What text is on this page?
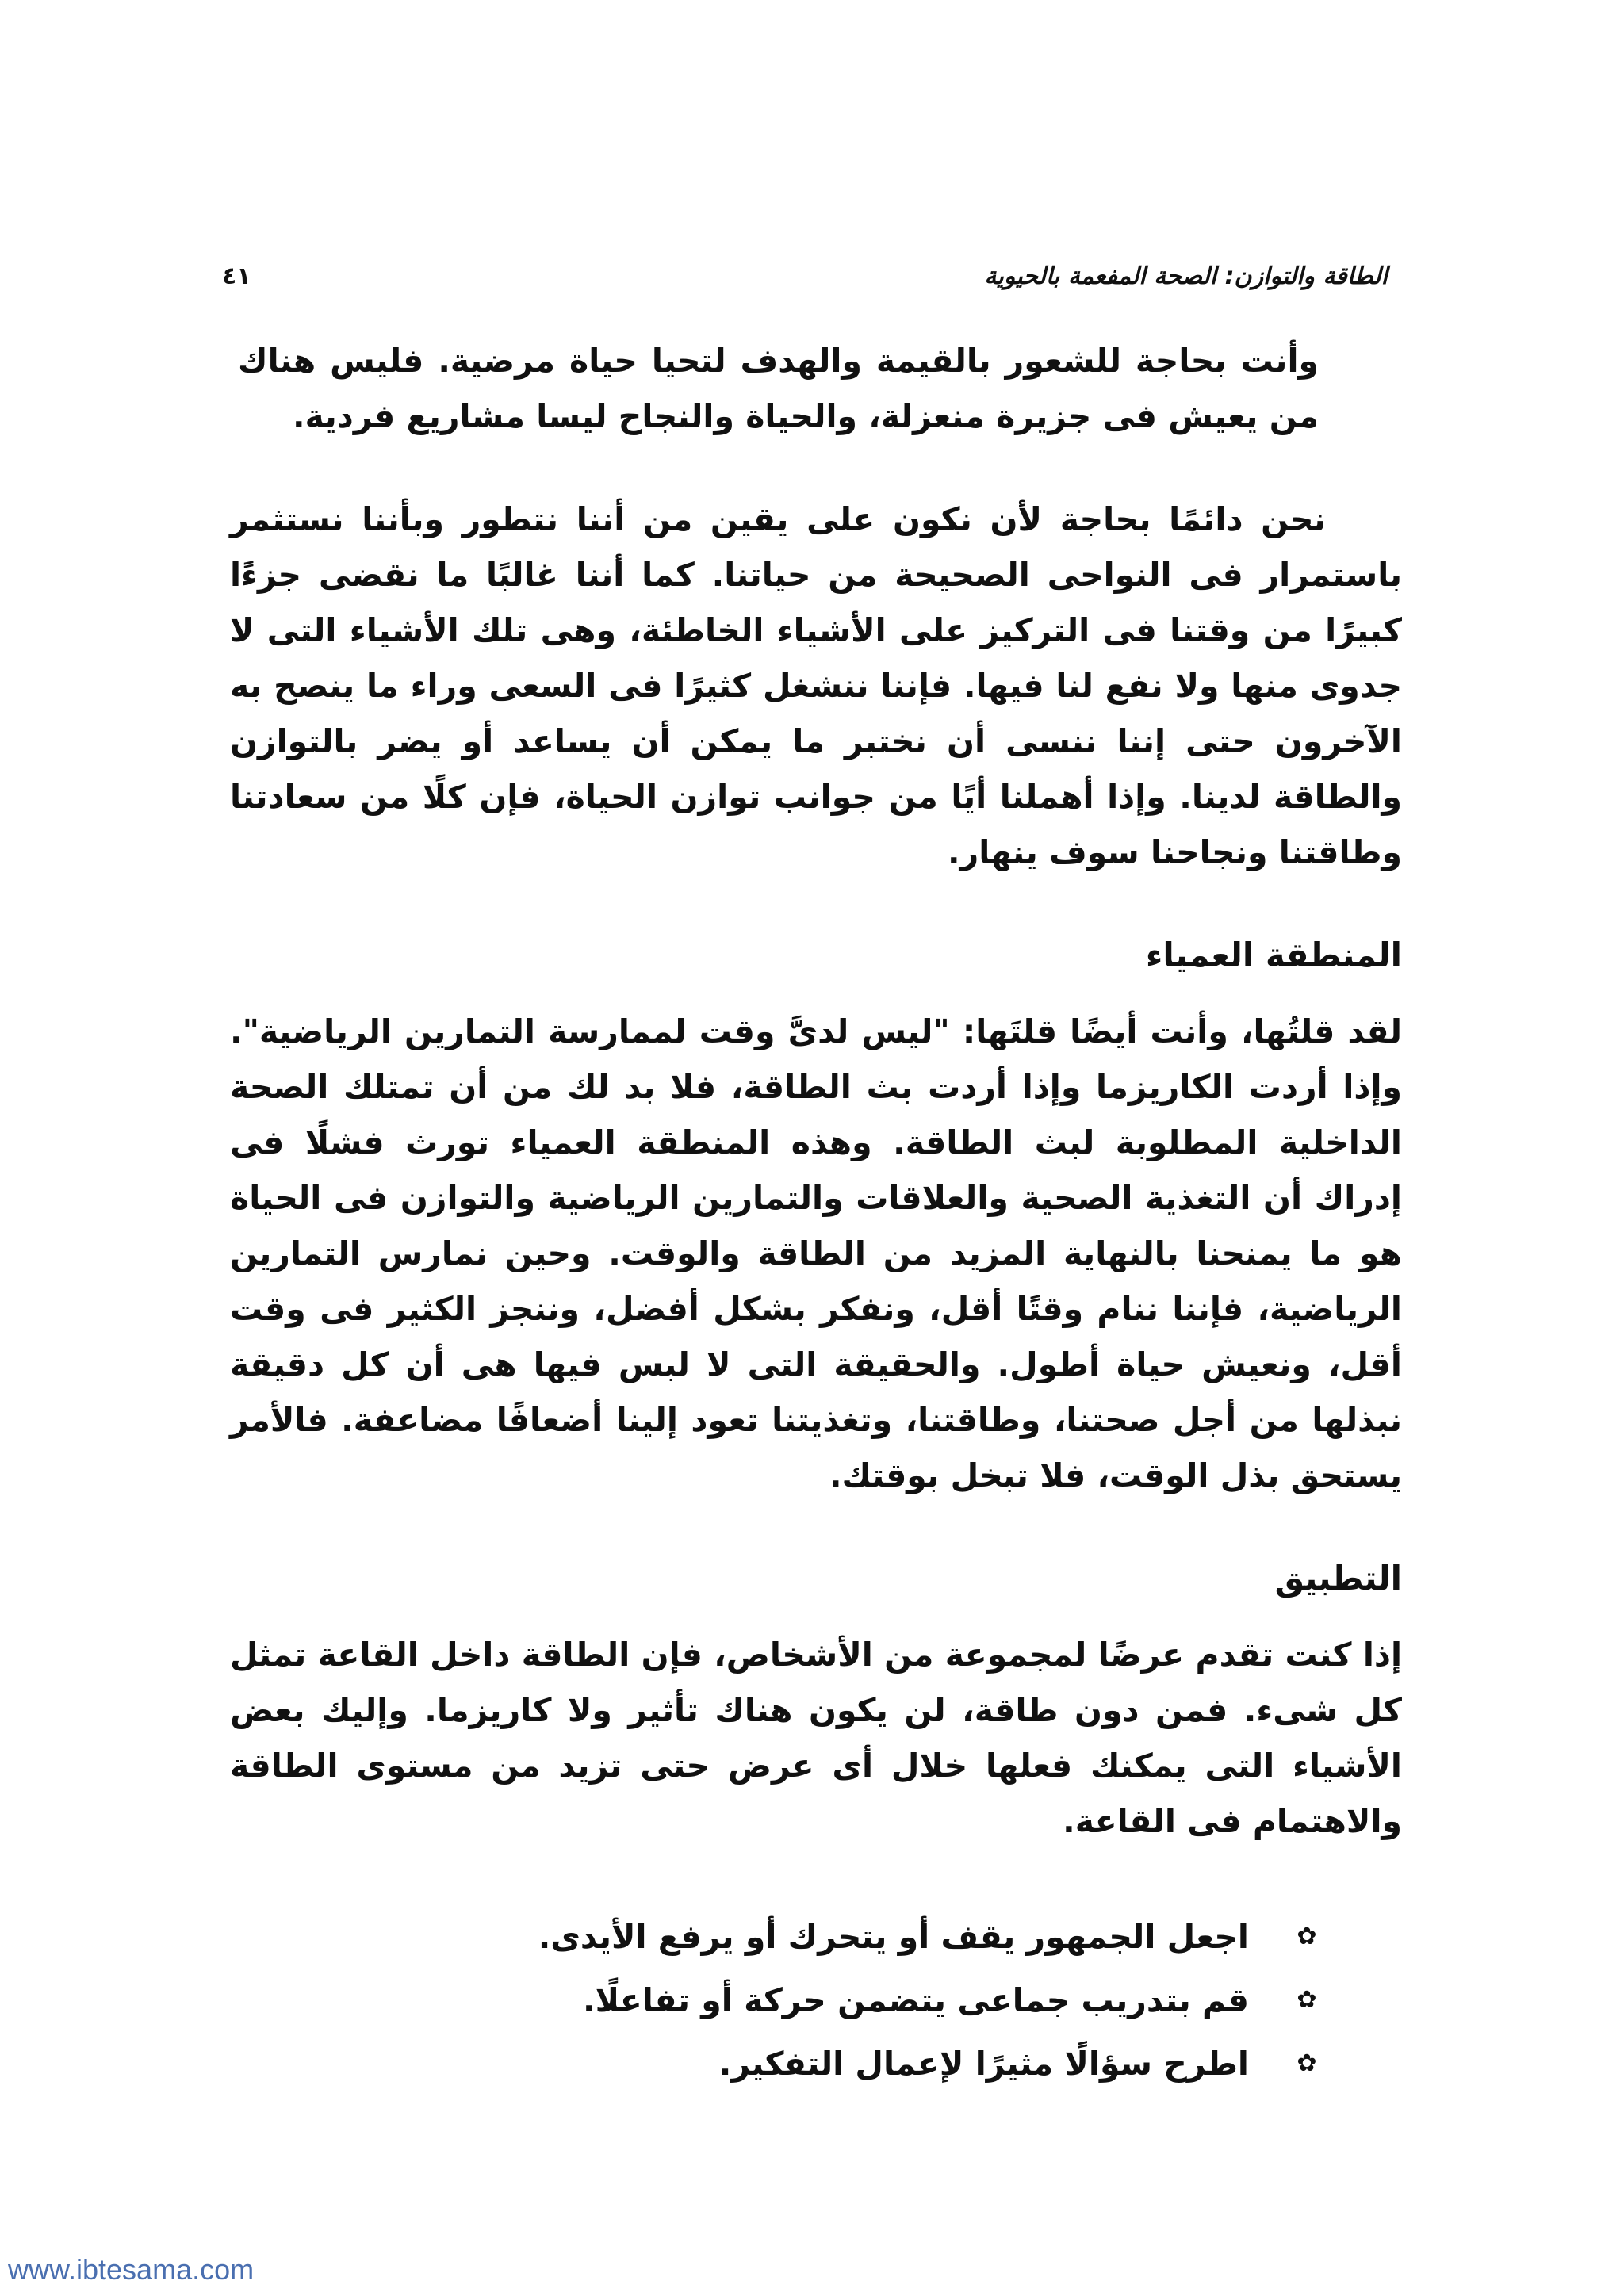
الطاقة والتوازن: الصحة المفعمة بالحيوية
٤١

وأنت بحاجة للشعور بالقيمة والهدف لتحيا حياة مرضية. فليس هناك من يعيش فى جزيرة منعزلة، والحياة والنجاح ليسا مشاريع فردية.

نحن دائمًا بحاجة لأن نكون على يقين من أننا نتطور وبأننا نستثمر باستمرار فى النواحى الصحيحة من حياتنا. كما أننا غالبًا ما نقضى جزءًا كبيرًا من وقتنا فى التركيز على الأشياء الخاطئة، وهى تلك الأشياء التى لا جدوى منها ولا نفع لنا فيها. فإننا ننشغل كثيرًا فى السعى وراء ما ينصح به الآخرون حتى إننا ننسى أن نختبر ما يمكن أن يساعد أو يضر بالتوازن والطاقة لدينا. وإذا أهملنا أيًا من جوانب توازن الحياة، فإن كلًا من سعادتنا وطاقتنا ونجاحنا سوف ينهار.

المنطقة العمياء

لقد قلتُها، وأنت أيضًا قلتَها: "ليس لدىَّ وقت لممارسة التمارين الرياضية". وإذا أردت الكاريزما وإذا أردت بث الطاقة، فلا بد لك من أن تمتلك الصحة الداخلية المطلوبة لبث الطاقة. وهذه المنطقة العمياء تورث فشلًا فى إدراك أن التغذية الصحية والعلاقات والتمارين الرياضية والتوازن فى الحياة هو ما يمنحنا بالنهاية المزيد من الطاقة والوقت. وحين نمارس التمارين الرياضية، فإننا ننام وقتًا أقل، ونفكر بشكل أفضل، وننجز الكثير فى وقت أقل، ونعيش حياة أطول. والحقيقة التى لا لبس فيها هى أن كل دقيقة نبذلها من أجل صحتنا، وطاقتنا، وتغذيتنا تعود إلينا أضعافًا مضاعفة. فالأمر يستحق بذل الوقت، فلا تبخل بوقتك.

التطبيق

إذا كنت تقدم عرضًا لمجموعة من الأشخاص، فإن الطاقة داخل القاعة تمثل كل شىء. فمن دون طاقة، لن يكون هناك تأثير ولا كاريزما. وإليك بعض الأشياء التى يمكنك فعلها خلال أى عرض حتى تزيد من مستوى الطاقة والاهتمام فى القاعة.

✿
اجعل الجمهور يقف أو يتحرك أو يرفع الأيدى.
✿
قم بتدريب جماعى يتضمن حركة أو تفاعلًا.
✿
اطرح سؤالًا مثيرًا لإعمال التفكير.
www.ibtesama.com
